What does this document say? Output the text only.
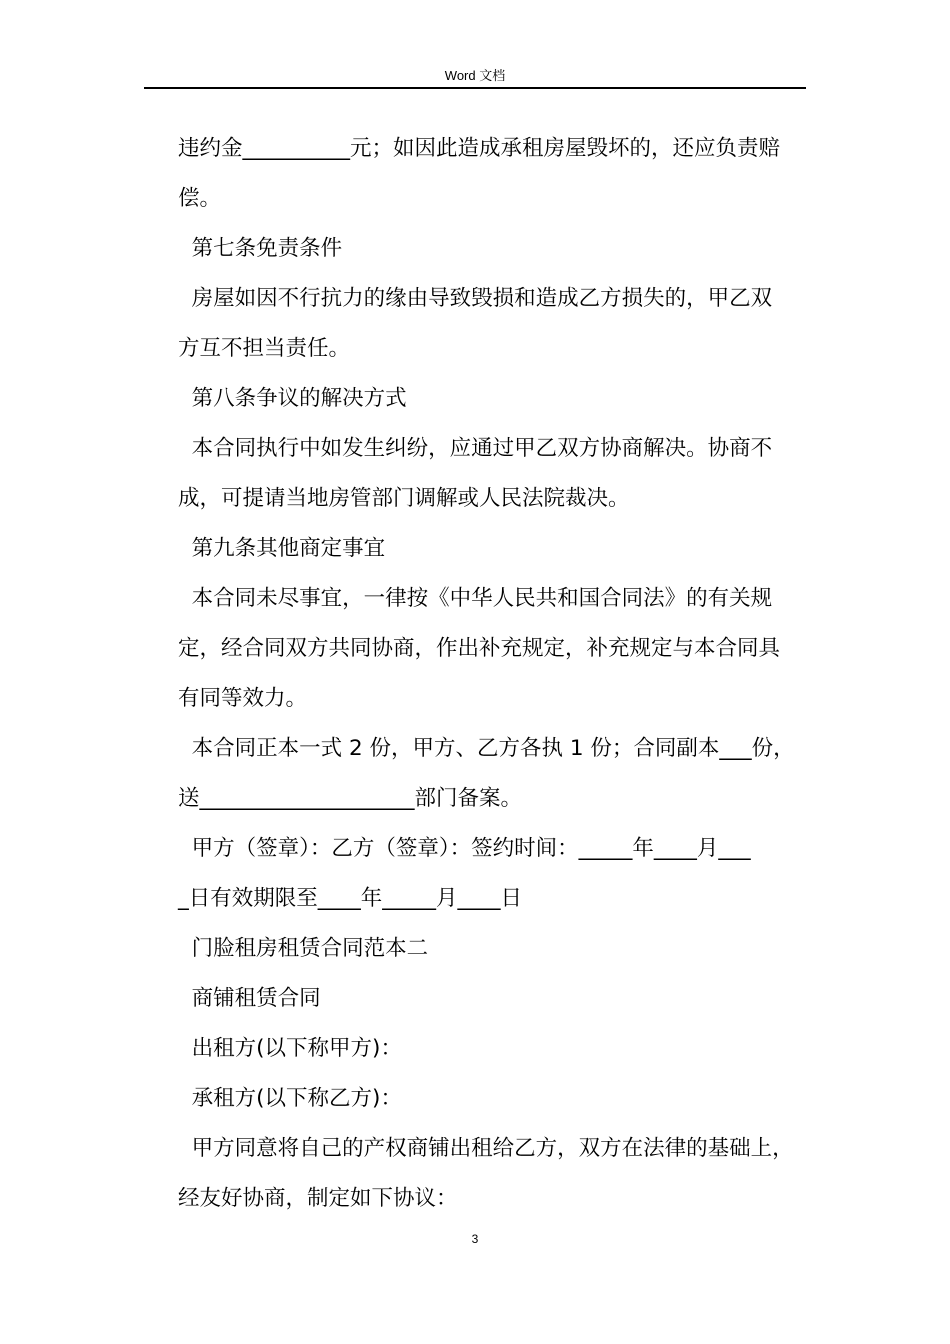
Word 文档

违约金__________元；如因此造成承租房屋毁坏的，还应负责赔

偿。

第七条免责条件

房屋如因不行抗力的缘由导致毁损和造成乙方损失的，甲乙双

方互不担当责任。

第八条争议的解决方式

本合同执行中如发生纠纷，应通过甲乙双方协商解决。协商不

成，可提请当地房管部门调解或人民法院裁决。

第九条其他商定事宜

本合同未尽事宜，一律按《中华人民共和国合同法》的有关规

定，经合同双方共同协商，作出补充规定，补充规定与本合同具

有同等效力。

本合同正本一式 2 份，甲方、乙方各执 1 份；合同副本___份，

送____________________部门备案。

甲方（签章）：乙方（签章）：签约时间：_____年____月___

_日有效期限至____年_____月____日

门脸租房租赁合同范本二

商铺租赁合同

出租方(以下称甲方)：

承租方(以下称乙方)：

甲方同意将自己的产权商铺出租给乙方，双方在法律的基础上，

经友好协商，制定如下协议：

3
